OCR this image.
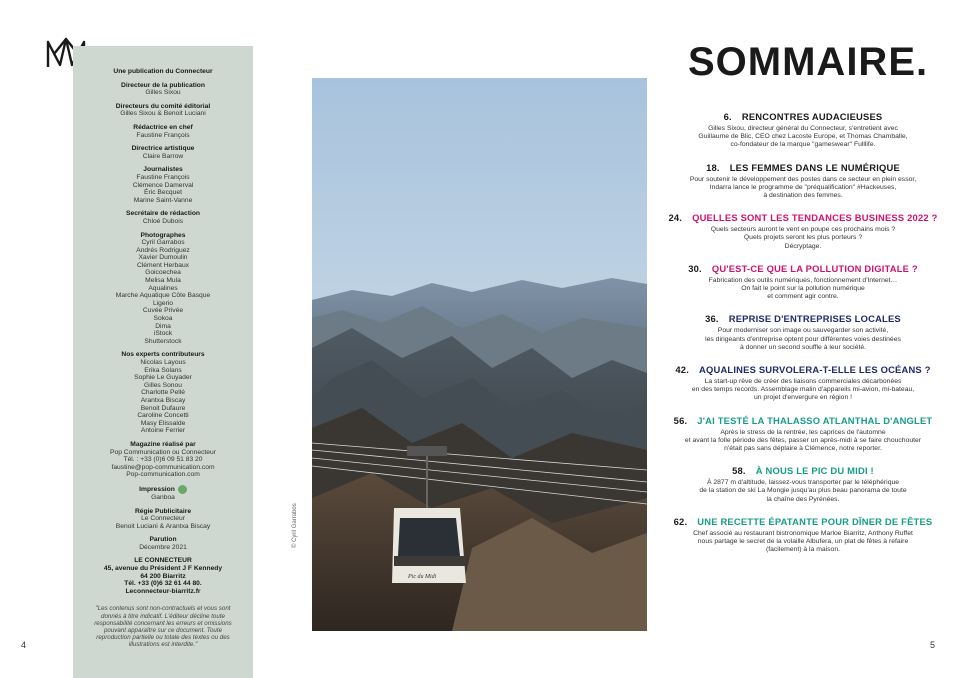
Une publication du Connecteur
Directeur de la publication
Gilles Sixou
Directeurs du comité éditorial
Gilles Sixou & Benoit Luciani
Rédactrice en chef
Faustine François
Directrice artistique
Claire Barrow
Journalistes
Faustine François
Clémence Damerval
Éric Becquet
Marine Saint-Vanne
Secrétaire de rédaction
Chloé Dubois
Photographes
Cyril Garrabos
Andrés Rodriguez
Xavier Dumoulin
Clément Herbaux
Goicoechea
Melisa Mula
Aqualines
Marche Aquatique Côte Basque
Ligerio
Cuvée Privée
Sokoa
Dima
iStock
Shutterstock
Nos experts contributeurs
Nicolas Layous
Erika Solans
Sophie Le Guyader
Gilles Sonou
Charlotte Pellé
Arantxa Biscay
Benoit Dufaure
Caroline Concetti
Masy Elissalde
Antoine Ferrier
Magazine réalisé par
Pop Communication ou Connecteur
Tél. : +33 (0)6 09 51 83 20
faustine@pop-communication.com
Pop-communication.com
Impression
Ganboa
Régie Publicitaire
Le Connecteur
Benoit Luciani & Arantxa Biscay
Parution
Décembre 2021
LE CONNECTEUR
45, avenue du Président J F Kennedy
64 200 Biarritz
Tél. +33 (0)6 32 61 44 80.
Leconnecteur-biarritz.fr
"Les contenus sont non-contractuels et vous sont donnés à titre indicatif. L'éditeur décline toute responsabilité concernant les erreurs et omissions pouvant apparaître sur ce document. Toute reproduction partielle ou totale des textes ou des illustrations est interdite."
4	5
Pic du Midi
© Cyril Garrabos
SOMMAIRE.
6. RENCONTRES AUDACIEUSES
Gilles Sixou, directeur général du Connecteur, s'entretient avec
Guillaume de Blic, CEO chez Lacoste Europe, et Thomas Chamballe,
co-fondateur de la marque "gameswear" Fulllife.
18. LES FEMMES DANS LE NUMÉRIQUE
Pour soutenir le développement des postes dans ce secteur en plein essor,
Indarra lance le programme de "préqualification" #Hackeuses,
à destination des femmes.
24. QUELLES SONT LES TENDANCES BUSINESS 2022 ?
Quels secteurs auront le vent en poupe ces prochains mois ?
Quels projets seront les plus porteurs ?
Décryptage.
30. QU'EST-CE QUE LA POLLUTION DIGITALE ?
Fabrication des outils numériques, fonctionnement d'Internet…
On fait le point sur la pollution numérique
et comment agir contre.
36. REPRISE D'ENTREPRISES LOCALES
Pour moderniser son image ou sauvegarder son activité,
les dirigeants d'entreprise optent pour différentes voies destinées
à donner un second souffle à leur société.
42. AQUALINES SURVOLERA-T-ELLE LES OCÉANS ?
La start-up rêve de créer des liaisons commerciales décarbonées
en des temps records. Assemblage malin d'appareils mi-avion, mi-bateau,
un projet d'envergure en région !
56. J'AI TESTÉ LA THALASSO ATLANTHAL D'ANGLET
Après le stress de la rentrée, les caprices de l'automne
et avant la folle période des fêtes, passer un après-midi à se faire chouchouter
n'était pas sans déplaire à Clémence, notre reporter.
58. À NOUS LE PIC DU MIDI !
À 2877 m d'altitude, laissez-vous transporter par le téléphérique
de la station de ski La Mongie jusqu'au plus beau panorama de toute
la chaîne des Pyrénées.
62. UNE RECETTE ÉPATANTE POUR DÎNER DE FÊTES
Chef associé au restaurant bistronomique Marloe Biarritz, Anthony Ruffet
nous partage le secret de la volaille Albufera, un plat de fêtes à refaire
(facilement) à la maison.
